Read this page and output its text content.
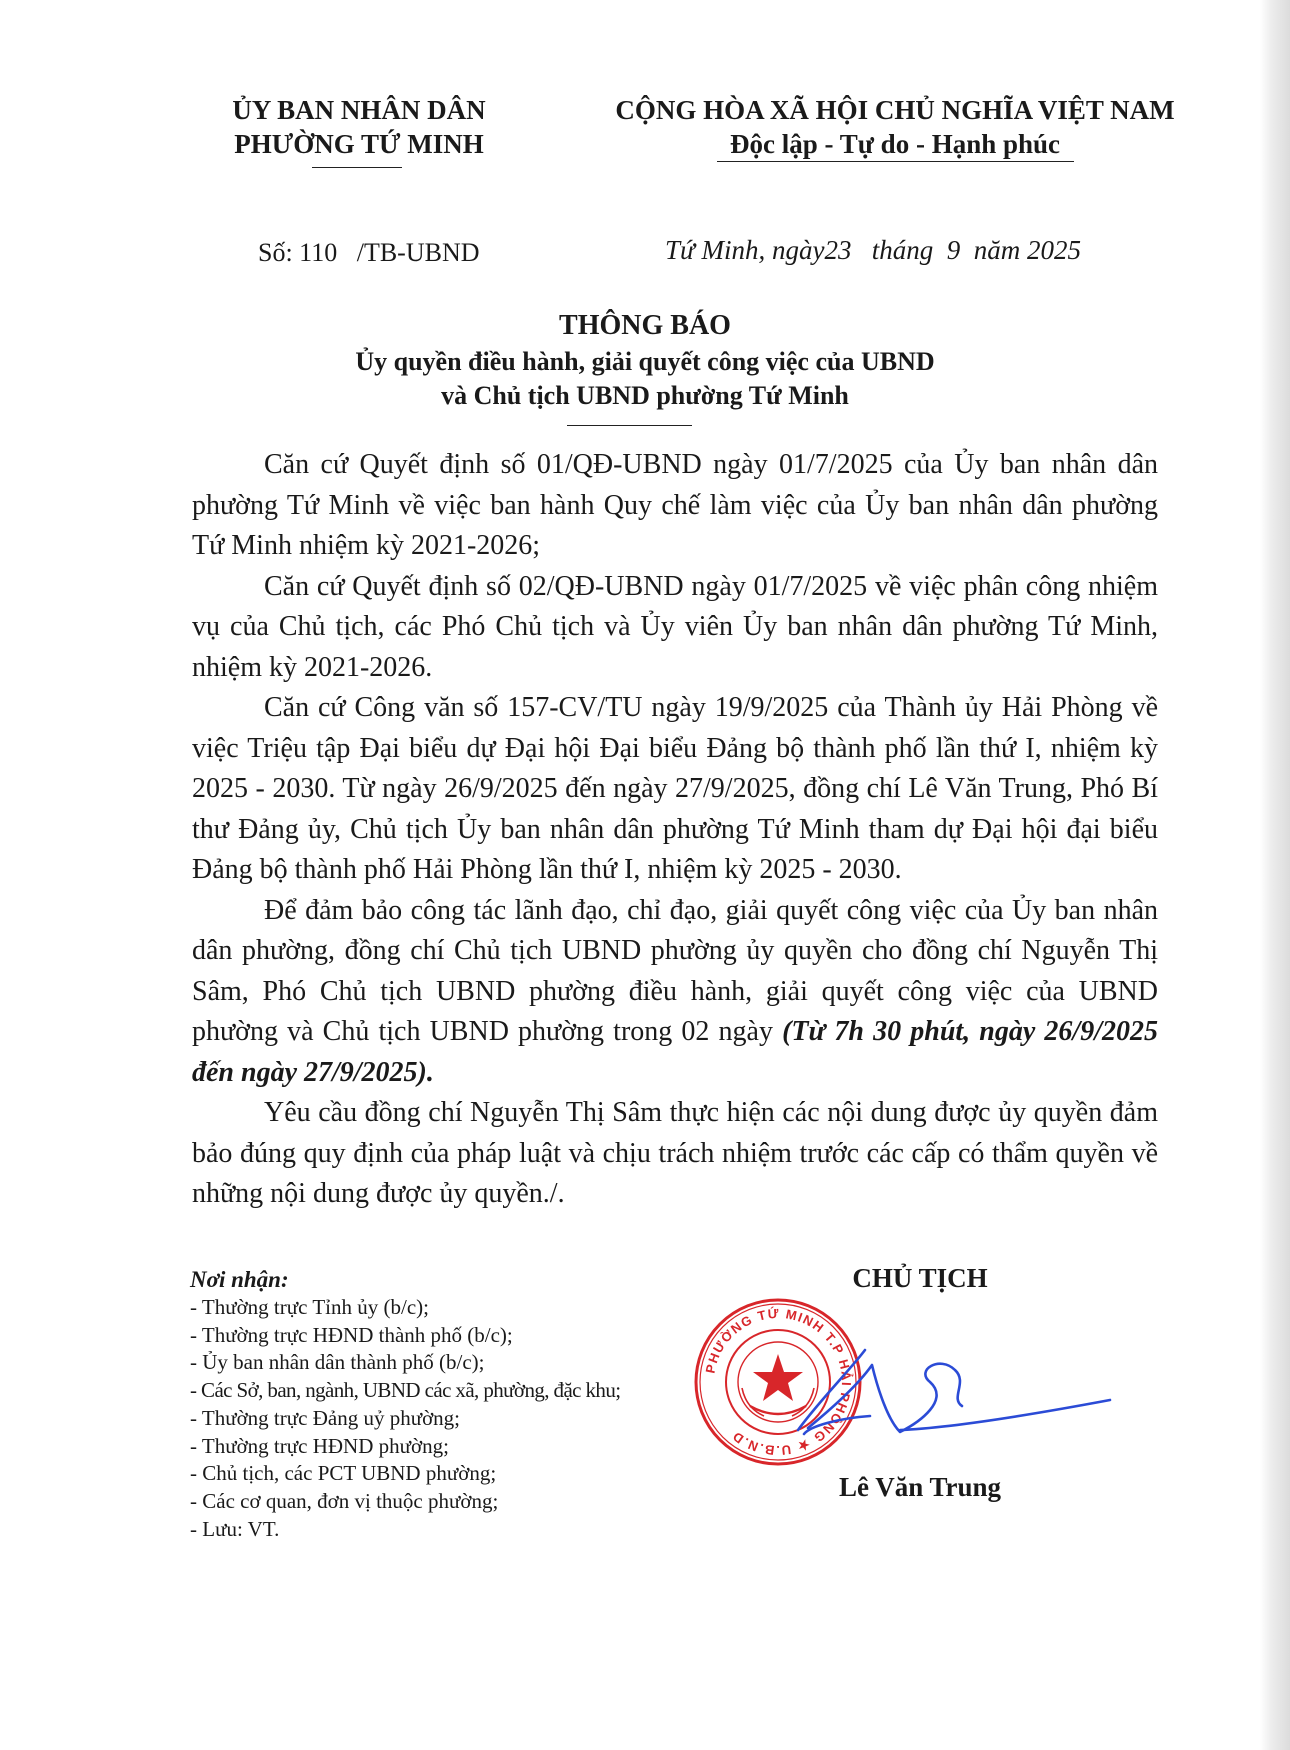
ỦY BAN NHÂN DÂN
PHƯỜNG TỨ MINH
CỘNG HÒA XÃ HỘI CHỦ NGHĨA VIỆT NAM
Độc lập - Tự do - Hạnh phúc
Số: 110   /TB-UBND	Tứ Minh, ngày23   tháng  9  năm 2025
THÔNG BÁO
Ủy quyền điều hành, giải quyết công việc của UBND
và Chủ tịch UBND phường Tứ Minh

Căn cứ Quyết định số 01/QĐ-UBND ngày 01/7/2025 của Ủy ban nhân dân phường Tứ Minh về việc ban hành Quy chế làm việc của Ủy ban nhân dân phường Tứ Minh nhiệm kỳ 2021-2026;

Căn cứ Quyết định số 02/QĐ-UBND ngày 01/7/2025 về việc phân công nhiệm vụ của Chủ tịch, các Phó Chủ tịch và Ủy viên Ủy ban nhân dân phường Tứ Minh, nhiệm kỳ 2021-2026.

Căn cứ Công văn số 157-CV/TU ngày 19/9/2025 của Thành ủy Hải Phòng về việc Triệu tập Đại biểu dự Đại hội Đại biểu Đảng bộ thành phố lần thứ I, nhiệm kỳ 2025 - 2030. Từ ngày 26/9/2025 đến ngày 27/9/2025, đồng chí Lê Văn Trung, Phó Bí thư Đảng ủy, Chủ tịch Ủy ban nhân dân phường Tứ Minh tham dự Đại hội đại biểu Đảng bộ thành phố Hải Phòng lần thứ I, nhiệm kỳ 2025 - 2030.

Để đảm bảo công tác lãnh đạo, chỉ đạo, giải quyết công việc của Ủy ban nhân dân phường, đồng chí Chủ tịch UBND phường ủy quyền cho đồng chí Nguyễn Thị Sâm, Phó Chủ tịch UBND phường điều hành, giải quyết công việc của UBND phường và Chủ tịch UBND phường trong 02 ngày (Từ 7h 30 phút, ngày 26/9/2025 đến ngày 27/9/2025).

Yêu cầu đồng chí Nguyễn Thị Sâm thực hiện các nội dung được ủy quyền đảm bảo đúng quy định của pháp luật và chịu trách nhiệm trước các cấp có thẩm quyền về những nội dung được ủy quyền./.

Nơi nhận:
- Thường trực Tỉnh ủy (b/c);
- Thường trực HĐND thành phố (b/c);
- Ủy ban nhân dân thành phố (b/c);
- Các Sở, ban, ngành, UBND các xã, phường, đặc khu;
- Thường trực Đảng uỷ phường;
- Thường trực HĐND phường;
- Chủ tịch, các PCT UBND phường;
- Các cơ quan, đơn vị thuộc phường;
- Lưu: VT.
CHỦ TỊCH
PHƯỜNG TỨ MINH T.P HẢI PHÒNG ★ U.B.N.D
Lê Văn Trung
